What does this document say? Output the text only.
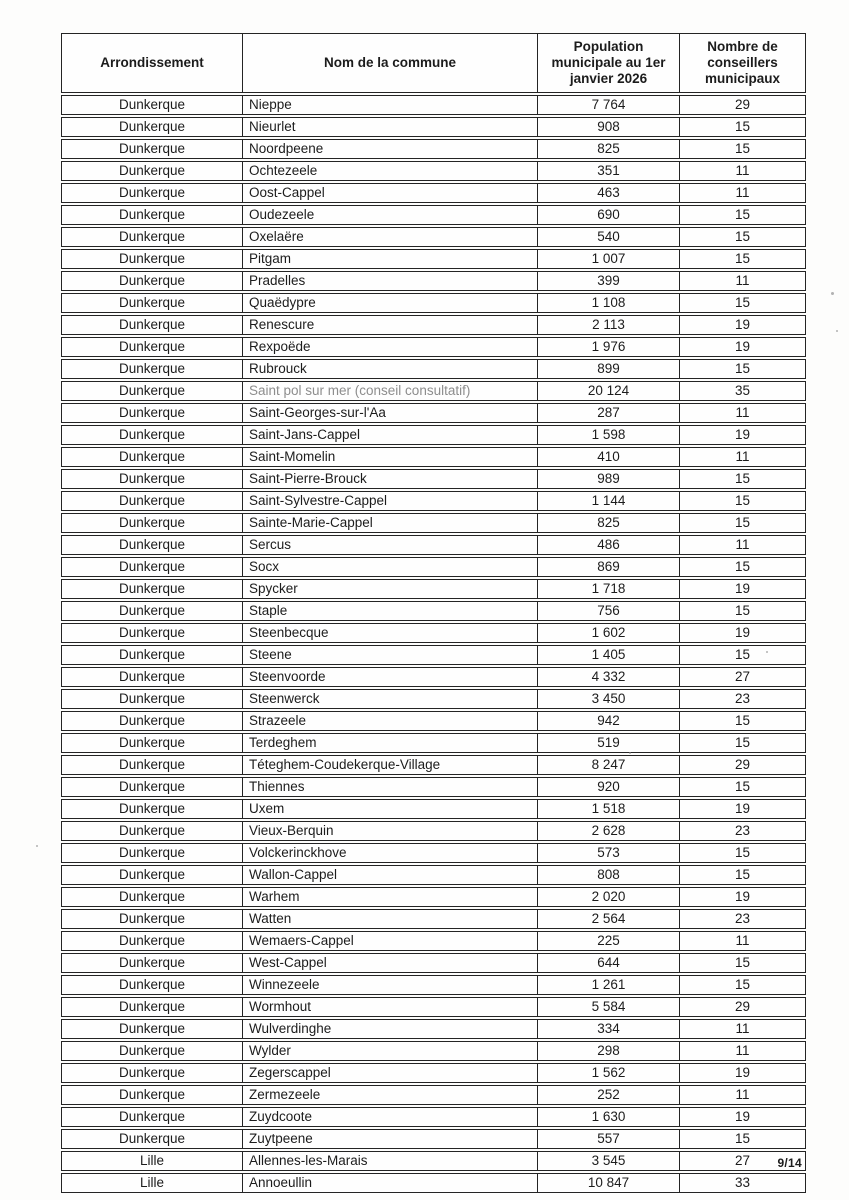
Arrondissement	Nom de la commune	Population municipale au 1er janvier 2026	Nombre de conseillers municipaux
Dunkerque	Nieppe	7 764	29
Dunkerque	Nieurlet	908	15
Dunkerque	Noordpeene	825	15
Dunkerque	Ochtezeele	351	11
Dunkerque	Oost-Cappel	463	11
Dunkerque	Oudezeele	690	15
Dunkerque	Oxelaëre	540	15
Dunkerque	Pitgam	1 007	15
Dunkerque	Pradelles	399	11
Dunkerque	Quaëdypre	1 108	15
Dunkerque	Renescure	2 113	19
Dunkerque	Rexpoëde	1 976	19
Dunkerque	Rubrouck	899	15
Dunkerque	Saint pol sur mer (conseil consultatif)	20 124	35
Dunkerque	Saint-Georges-sur-l'Aa	287	11
Dunkerque	Saint-Jans-Cappel	1 598	19
Dunkerque	Saint-Momelin	410	11
Dunkerque	Saint-Pierre-Brouck	989	15
Dunkerque	Saint-Sylvestre-Cappel	1 144	15
Dunkerque	Sainte-Marie-Cappel	825	15
Dunkerque	Sercus	486	11
Dunkerque	Socx	869	15
Dunkerque	Spycker	1 718	19
Dunkerque	Staple	756	15
Dunkerque	Steenbecque	1 602	19
Dunkerque	Steene	1 405	15
Dunkerque	Steenvoorde	4 332	27
Dunkerque	Steenwerck	3 450	23
Dunkerque	Strazeele	942	15
Dunkerque	Terdeghem	519	15
Dunkerque	Téteghem-Coudekerque-Village	8 247	29
Dunkerque	Thiennes	920	15
Dunkerque	Uxem	1 518	19
Dunkerque	Vieux-Berquin	2 628	23
Dunkerque	Volckerinckhove	573	15
Dunkerque	Wallon-Cappel	808	15
Dunkerque	Warhem	2 020	19
Dunkerque	Watten	2 564	23
Dunkerque	Wemaers-Cappel	225	11
Dunkerque	West-Cappel	644	15
Dunkerque	Winnezeele	1 261	15
Dunkerque	Wormhout	5 584	29
Dunkerque	Wulverdinghe	334	11
Dunkerque	Wylder	298	11
Dunkerque	Zegerscappel	1 562	19
Dunkerque	Zermezeele	252	11
Dunkerque	Zuydcoote	1 630	19
Dunkerque	Zuytpeene	557	15
Lille	Allennes-les-Marais	3 545	27
Lille	Annoeullin	10 847	33
9/14
